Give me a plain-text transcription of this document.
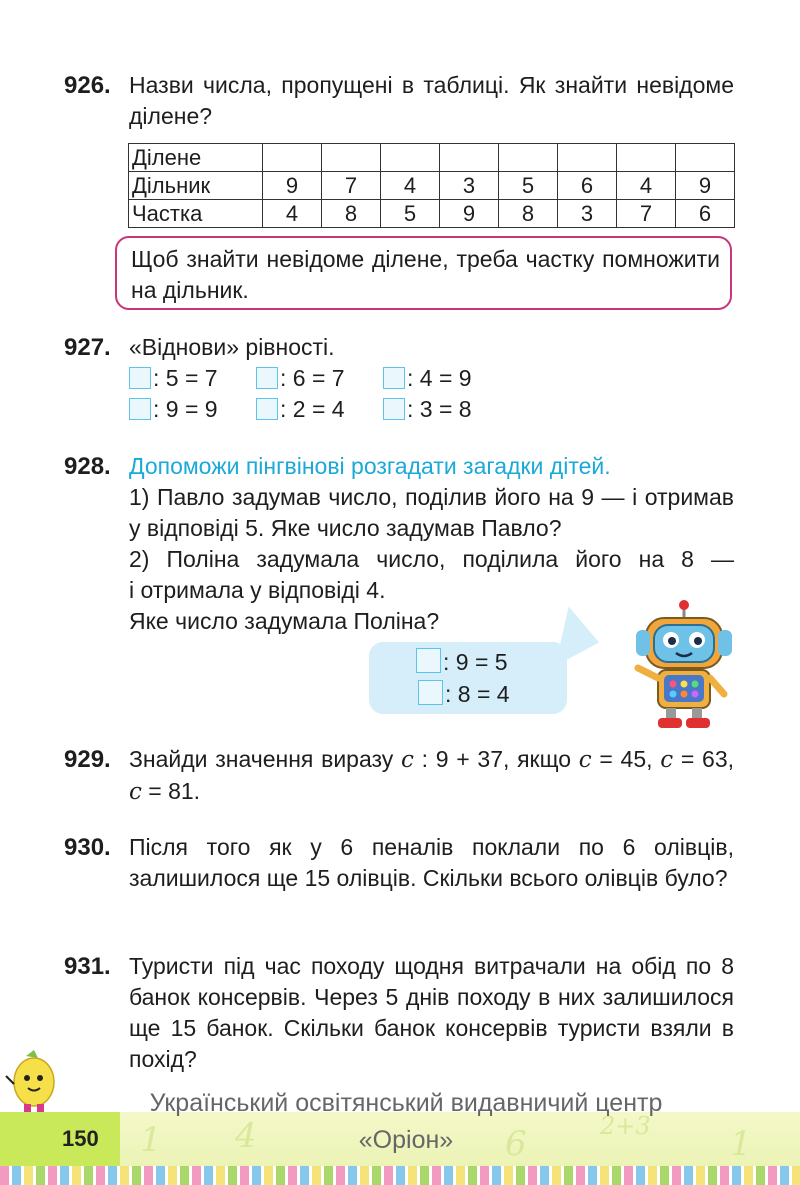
926. Назви числа, пропущені в таблиці. Як знайти невідоме ділене?
Ділене								
Дільник	9	7	4	3	5	6	4	9
Частка	4	8	5	9	8	3	7	6
Щоб знайти невідоме ділене, треба частку помножити на дільник.
927. «Віднови» рівності.
: 5 = 7	: 6 = 7	: 4 = 9
: 9 = 9	: 2 = 4	: 3 = 8
928. Допоможи пінгвінові розгадати загадки дітей.
1) Павло задумав число, поділив його на 9 — і отримав у відповіді 5. Яке число задумав Павло?
2) Поліна задумала число, поділила його на 8 —
і отримала у відповіді 4.
Яке число задумала Поліна?
: 9 = 5
: 8 = 4
929. Знайди значення виразу c : 9 + 37, якщо c = 45, c = 63, c = 81.
930. Після того як у 6 пеналів поклали по 6 олівців, залишилося ще 15 олівців. Скільки всього олівців було?
931. Туристи під час походу щодня витрачали на обід по 8 банок консервів. Через 5 днів походу в них залишилося ще 15 банок. Скільки банок консервів туристи взяли в похід?
1 4	6	2+3 1
150
Український освітянський видавничий центр
«Оріон»
